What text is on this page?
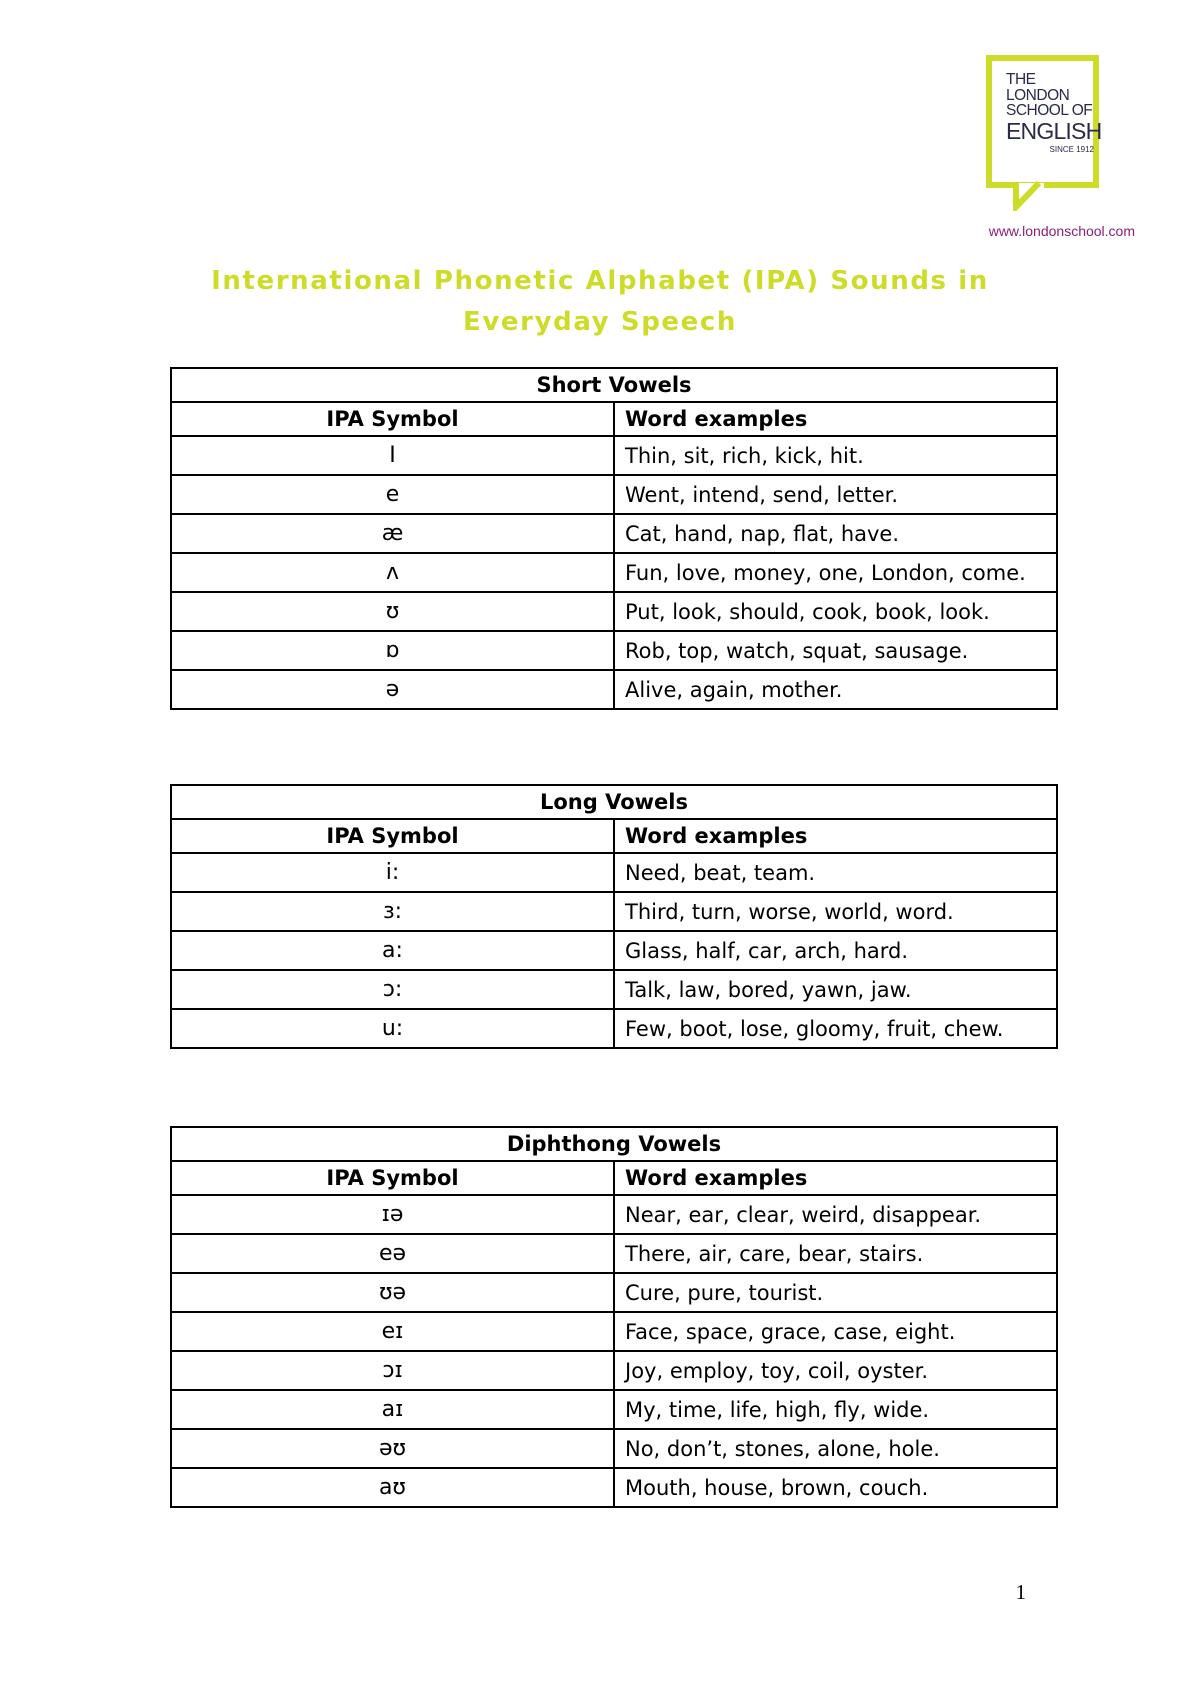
THE LONDON
SCHOOL OF
ENGLISH
SINCE 1912
www.londonschool.com
International Phonetic Alphabet (IPA) Sounds in Everyday Speech
Short Vowels	
IPA Symbol	Word examples
I	Thin, sit, rich, kick, hit.
e	Went, intend, send, letter.
æ	Cat, hand, nap, flat, have.
ʌ	Fun, love, money, one, London, come.
ʊ	Put, look, should, cook, book, look.
ɒ	Rob, top, watch, squat, sausage.
ə	Alive, again, mother.
Long Vowels	
IPA Symbol	Word examples
i:	Need, beat, team.
ɜ:	Third, turn, worse, world, word.
a:	Glass, half, car, arch, hard.
ɔ:	Talk, law, bored, yawn, jaw.
u:	Few, boot, lose, gloomy, fruit, chew.
Diphthong Vowels	
IPA Symbol	Word examples
ɪə	Near, ear, clear, weird, disappear.
eə	There, air, care, bear, stairs.
ʊə	Cure, pure, tourist.
eɪ	Face, space, grace, case, eight.
ɔɪ	Joy, employ, toy, coil, oyster.
aɪ	My, time, life, high, fly, wide.
əʊ	No, don’t, stones, alone, hole.
aʊ	Mouth, house, brown, couch.
1
